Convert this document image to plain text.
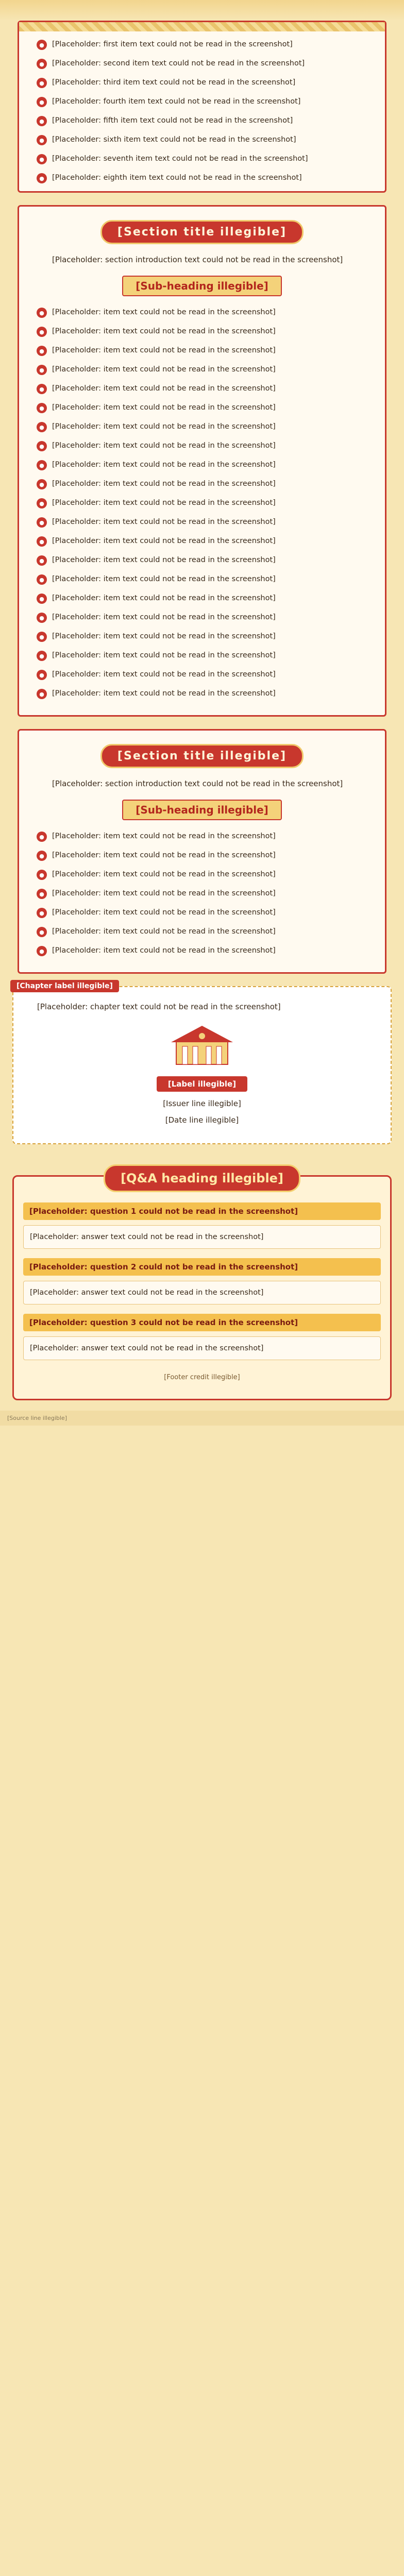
●	[Placeholder: first item text could not be read in the screenshot]
●	[Placeholder: second item text could not be read in the screenshot]
●	[Placeholder: third item text could not be read in the screenshot]
●	[Placeholder: fourth item text could not be read in the screenshot]
●	[Placeholder: fifth item text could not be read in the screenshot]
●	[Placeholder: sixth item text could not be read in the screenshot]
●	[Placeholder: seventh item text could not be read in the screenshot]
●	[Placeholder: eighth item text could not be read in the screenshot]
[Section title illegible]

[Placeholder: section introduction text could not be read in the screenshot]

[Sub-heading illegible]
●	[Placeholder: item text could not be read in the screenshot]
●	[Placeholder: item text could not be read in the screenshot]
●	[Placeholder: item text could not be read in the screenshot]
●	[Placeholder: item text could not be read in the screenshot]
●	[Placeholder: item text could not be read in the screenshot]
●	[Placeholder: item text could not be read in the screenshot]
●	[Placeholder: item text could not be read in the screenshot]
●	[Placeholder: item text could not be read in the screenshot]
●	[Placeholder: item text could not be read in the screenshot]
●	[Placeholder: item text could not be read in the screenshot]
●	[Placeholder: item text could not be read in the screenshot]
●	[Placeholder: item text could not be read in the screenshot]
●	[Placeholder: item text could not be read in the screenshot]
●	[Placeholder: item text could not be read in the screenshot]
●	[Placeholder: item text could not be read in the screenshot]
●	[Placeholder: item text could not be read in the screenshot]
●	[Placeholder: item text could not be read in the screenshot]
●	[Placeholder: item text could not be read in the screenshot]
●	[Placeholder: item text could not be read in the screenshot]
●	[Placeholder: item text could not be read in the screenshot]
●	[Placeholder: item text could not be read in the screenshot]
[Section title illegible]

[Placeholder: section introduction text could not be read in the screenshot]

[Sub-heading illegible]
●	[Placeholder: item text could not be read in the screenshot]
●	[Placeholder: item text could not be read in the screenshot]
●	[Placeholder: item text could not be read in the screenshot]
●	[Placeholder: item text could not be read in the screenshot]
●	[Placeholder: item text could not be read in the screenshot]
●	[Placeholder: item text could not be read in the screenshot]
●	[Placeholder: item text could not be read in the screenshot]
[Chapter label illegible]

[Placeholder: chapter text could not be read in the screenshot]

[Label illegible]
[Issuer line illegible]
[Date line illegible]
[Q&A heading illegible]
[Placeholder: question 1 could not be read in the screenshot]
[Placeholder: answer text could not be read in the screenshot]
[Placeholder: question 2 could not be read in the screenshot]
[Placeholder: answer text could not be read in the screenshot]
[Placeholder: question 3 could not be read in the screenshot]
[Placeholder: answer text could not be read in the screenshot]
[Footer credit illegible]
[Source line illegible]
